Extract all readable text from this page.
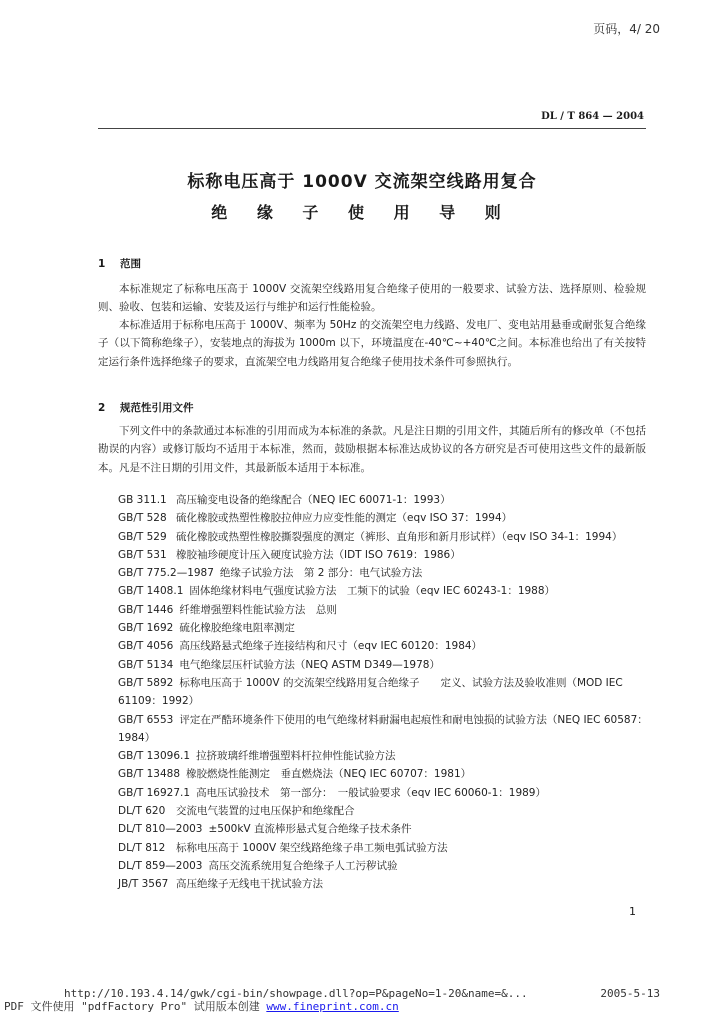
页码，4/ 20
DL / T 864 — 2004
标称电压高于 1000V 交流架空线路用复合
绝 缘 子 使 用 导 则
1 范围
本标准规定了标称电压高于 1000V 交流架空线路用复合绝缘子使用的一般要求、试验方法、选择原则、检验规则、验收、包装和运输、安装及运行与维护和运行性能检验。
本标准适用于标称电压高于 1000V、频率为 50Hz 的交流架空电力线路、发电厂、变电站用悬垂或耐张复合绝缘子（以下简称绝缘子），安装地点的海拔为 1000m 以下，环境温度在-40℃~+40℃之间。本标准也给出了有关按特定运行条件选择绝缘子的要求，直流架空电力线路用复合绝缘子使用技术条件可参照执行。
2 规范性引用文件
下列文件中的条款通过本标准的引用而成为本标准的条款。凡是注日期的引用文件，其随后所有的修改单（不包括勘误的内容）或修订版均不适用于本标准，然而，鼓励根据本标准达成协议的各方研究是否可使用这些文件的最新版本。凡是不注日期的引用文件，其最新版本适用于本标准。
GB 311.1 高压输变电设备的绝缘配合（NEQ IEC 60071-1：1993）
GB/T 528 硫化橡胶或热塑性橡胶拉伸应力应变性能的测定（eqv ISO 37：1994）
GB/T 529 硫化橡胶或热塑性橡胶撕裂强度的测定（裤形、直角形和新月形试样）（eqv ISO 34-1：1994）
GB/T 531 橡胶袖珍硬度计压入硬度试验方法（IDT ISO 7619：1986）
GB/T 775.2—1987 绝缘子试验方法　第 2 部分：电气试验方法
GB/T 1408.1 固体绝缘材料电气强度试验方法　工频下的试验（eqv IEC 60243-1：1988）
GB/T 1446 纤维增强塑料性能试验方法　总则
GB/T 1692 硫化橡胶绝缘电阻率测定
GB/T 4056 高压线路悬式绝缘子连接结构和尺寸（eqv IEC 60120：1984）
GB/T 5134 电气绝缘层压杆试验方法（NEQ ASTM D349—1978）
GB/T 5892 标称电压高于 1000V 的交流架空线路用复合绝缘子　　定义、试验方法及验收准则（MOD IEC 61109：1992）
GB/T 6553 评定在严酷环境条件下使用的电气绝缘材料耐漏电起痕性和耐电蚀损的试验方法（NEQ IEC 60587：1984）
GB/T 13096.1 拉挤玻璃纤维增强塑料杆拉伸性能试验方法
GB/T 13488 橡胶燃烧性能测定　垂直燃烧法（NEQ IEC 60707：1981）
GB/T 16927.1 高电压试验技术　第一部分：　一般试验要求（eqv IEC 60060-1：1989）
DL/T 620 交流电气装置的过电压保护和绝缘配合
DL/T 810—2003 ±500kV 直流棒形悬式复合绝缘子技术条件
DL/T 812 标称电压高于 1000V 架空线路绝缘子串工频电弧试验方法
DL/T 859—2003 高压交流系统用复合绝缘子人工污秽试验
JB/T 3567 高压绝缘子无线电干扰试验方法
1
http://10.193.4.14/gwk/cgi-bin/showpage.dll?op=P&pageNo=1-20&name=&...	2005-5-13
PDF 文件使用 "pdfFactory Pro" 试用版本创建 www.fineprint.com.cn
